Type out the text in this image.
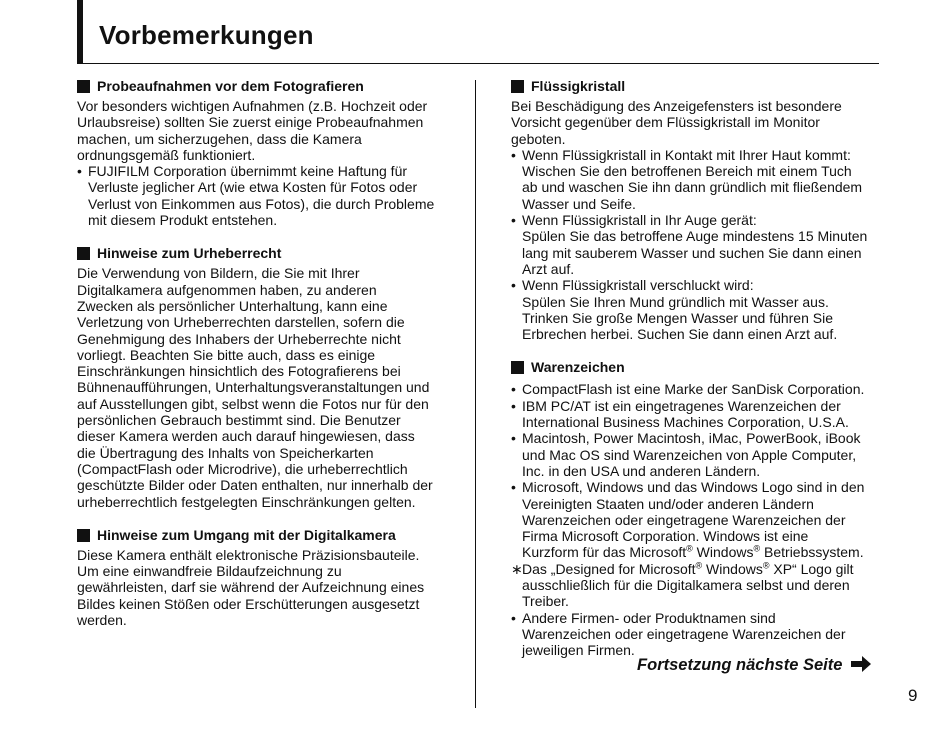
Vorbemerkungen
Probeaufnahmen vor dem Fotografieren

Vor besonders wichtigen Aufnahmen (z.B. Hochzeit oder
Urlaubsreise) sollten Sie zuerst einige Probeaufnahmen
machen, um sicherzugehen, dass die Kamera
ordnungsgemäß funktioniert.

• FUJIFILM Corporation übernimmt keine Haftung für
Verluste jeglicher Art (wie etwa Kosten für Fotos oder
Verlust von Einkommen aus Fotos), die durch Probleme
mit diesem Produkt entstehen.
Hinweise zum Urheberrecht

Die Verwendung von Bildern, die Sie mit Ihrer
Digitalkamera aufgenommen haben, zu anderen
Zwecken als persönlicher Unterhaltung, kann eine
Verletzung von Urheberrechten darstellen, sofern die
Genehmigung des Inhabers der Urheberrechte nicht
vorliegt. Beachten Sie bitte auch, dass es einige
Einschränkungen hinsichtlich des Fotografierens bei
Bühnenaufführungen, Unterhaltungsveranstaltungen und
auf Ausstellungen gibt, selbst wenn die Fotos nur für den
persönlichen Gebrauch bestimmt sind. Die Benutzer
dieser Kamera werden auch darauf hingewiesen, dass
die Übertragung des Inhalts von Speicherkarten
(CompactFlash oder Microdrive), die urheberrechtlich
geschützte Bilder oder Daten enthalten, nur innerhalb der
urheberrechtlich festgelegten Einschränkungen gelten.

Hinweise zum Umgang mit der Digitalkamera

Diese Kamera enthält elektronische Präzisionsbauteile.
Um eine einwandfreie Bildaufzeichnung zu
gewährleisten, darf sie während der Aufzeichnung eines
Bildes keinen Stößen oder Erschütterungen ausgesetzt
werden.

Flüssigkristall

Bei Beschädigung des Anzeigefensters ist besondere
Vorsicht gegenüber dem Flüssigkristall im Monitor
geboten.

• Wenn Flüssigkristall in Kontakt mit Ihrer Haut kommt:
Wischen Sie den betroffenen Bereich mit einem Tuch
ab und waschen Sie ihn dann gründlich mit fließendem
Wasser und Seife.
• Wenn Flüssigkristall in Ihr Auge gerät:
Spülen Sie das betroffene Auge mindestens 15 Minuten
lang mit sauberem Wasser und suchen Sie dann einen
Arzt auf.
• Wenn Flüssigkristall verschluckt wird:
Spülen Sie Ihren Mund gründlich mit Wasser aus.
Trinken Sie große Mengen Wasser und führen Sie
Erbrechen herbei. Suchen Sie dann einen Arzt auf.
Warenzeichen
• CompactFlash ist eine Marke der SanDisk Corporation.
• IBM PC/AT ist ein eingetragenes Warenzeichen der
International Business Machines Corporation, U.S.A.
• Macintosh, Power Macintosh, iMac, PowerBook, iBook
und Mac OS sind Warenzeichen von Apple Computer,
Inc. in den USA und anderen Ländern.
• Microsoft, Windows und das Windows Logo sind in den
Vereinigten Staaten und/oder anderen Ländern
Warenzeichen oder eingetragene Warenzeichen der
Firma Microsoft Corporation. Windows ist eine
Kurzform für das Microsoft® Windows® Betriebssystem.
∗ Das „Designed for Microsoft® Windows® XP“ Logo gilt
ausschließlich für die Digitalkamera selbst und deren
Treiber.
• Andere Firmen- oder Produktnamen sind
Warenzeichen oder eingetragene Warenzeichen der
jeweiligen Firmen.
Fortsetzung nächste Seite
9
